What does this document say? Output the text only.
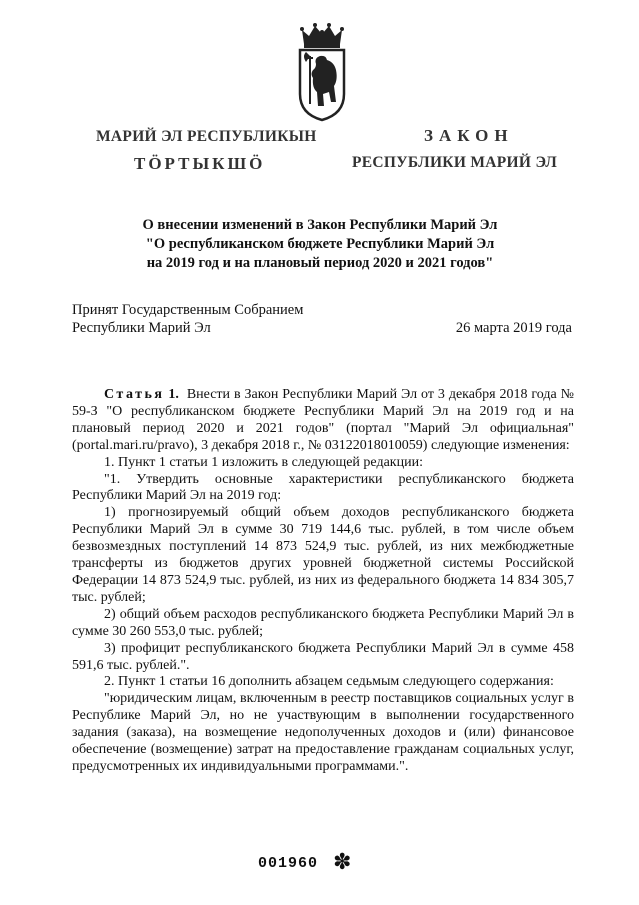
МАРИЙ ЭЛ РЕСПУБЛИКЫН
ТӦРТЫКШӦ
ЗАКОН
РЕСПУБЛИКИ МАРИЙ ЭЛ
О внесении изменений в Закон Республики Марий Эл
"О республиканском бюджете Республики Марий Эл
на 2019 год и на плановый период 2020 и 2021 годов"
Принят Государственным Собранием
Республики Марий Эл	26 марта 2019 года

Статья 1. Внести в Закон Республики Марий Эл от 3 декабря 2018 года № 59-З "О республиканском бюджете Республики Марий Эл на 2019 год и на плановый период 2020 и 2021 годов" (портал "Марий Эл официальная" (portal.mari.ru/pravo), 3 декабря 2018 г., № 03122018010059) следующие изменения:

1. Пункт 1 статьи 1 изложить в следующей редакции:

"1. Утвердить основные характеристики республиканского бюджета Республики Марий Эл на 2019 год:

1) прогнозируемый общий объем доходов республиканского бюджета Республики Марий Эл в сумме 30 719 144,6 тыс. рублей, в том числе объем безвозмездных поступлений 14 873 524,9 тыс. рублей, из них межбюджетные трансферты из бюджетов других уровней бюджетной системы Российской Федерации 14 873 524,9 тыс. рублей, из них из федерального бюджета 14 834 305,7 тыс. рублей;

2) общий объем расходов республиканского бюджета Республики Марий Эл в сумме 30 260 553,0 тыс. рублей;

3) профицит республиканского бюджета Республики Марий Эл в сумме 458 591,6 тыс. рублей.".

2. Пункт 1 статьи 16 дополнить абзацем седьмым следующего содержания:

"юридическим лицам, включенным в реестр поставщиков социальных услуг в Республике Марий Эл, но не участвующим в выполнении государственного задания (заказа), на возмещение недополученных доходов и (или) финансовое обеспечение (возмещение) затрат на предоставление гражданам социальных услуг, предусмотренных их индивидуальными программами.".

001960 ✽
